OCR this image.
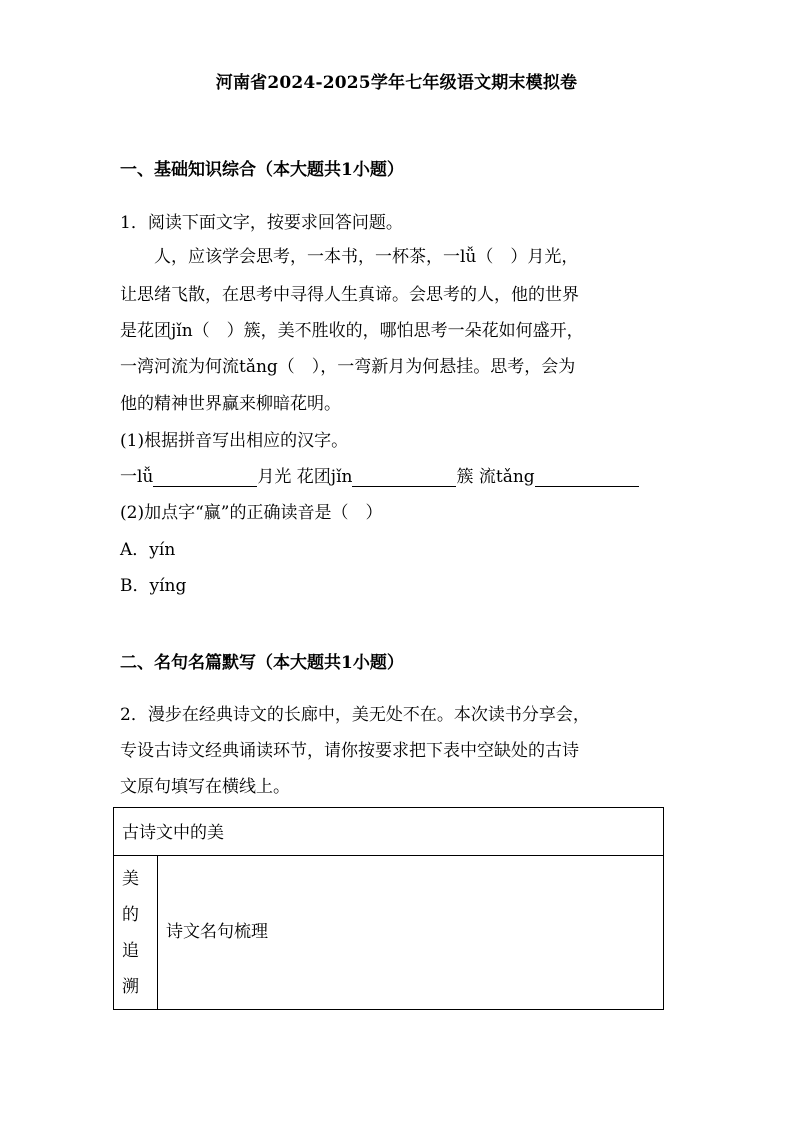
河南省2024-2025学年七年级语文期末模拟卷
一、基础知识综合（本大题共1小题）
1．阅读下面文字，按要求回答问题。
人，应该学会思考，一本书，一杯茶，一lǚ（　）月光，
让思绪飞散，在思考中寻得人生真谛。会思考的人，他的世界
是花团jǐn（　）簇，美不胜收的，哪怕思考一朵花如何盛开，
一湾河流为何流tǎng（　），一弯新月为何悬挂。思考，会为
他的精神世界赢来柳暗花明。
(1)根据拼音写出相应的汉字。
一lǚ	月光 花团jǐn	簇 流tǎng
(2)加点字“赢”的正确读音是（　）
A．yín
B．yíng
二、名句名篇默写（本大题共1小题）
2．漫步在经典诗文的长廊中，美无处不在。本次读书分享会，
专设古诗文经典诵读环节，请你按要求把下表中空缺处的古诗
文原句填写在横线上。
古诗文中的美
美
的
追
溯
诗文名句梳理
